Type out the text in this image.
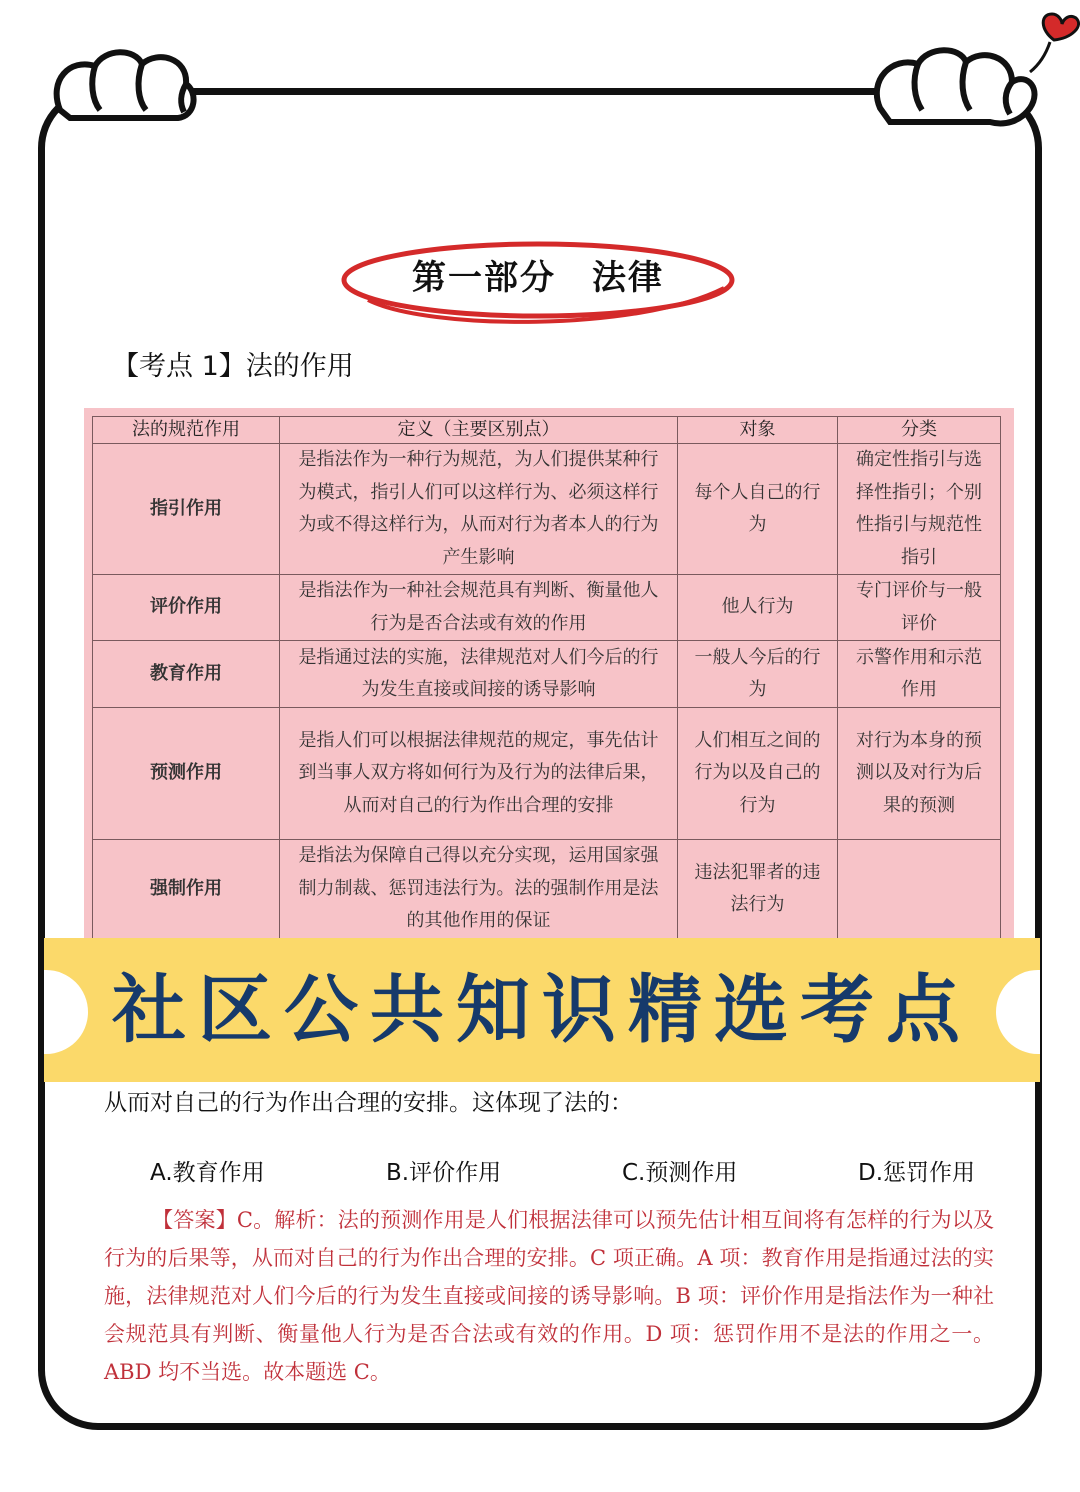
第一部分　法律
【考点 1】法的作用
法的规范作用	定义（主要区别点）	对象	分类
指引作用	是指法作为一种行为规范，为人们提供某种行为模式，指引人们可以这样行为、必须这样行为或不得这样行为，从而对行为者本人的行为产生影响	每个人自己的行为	确定性指引与选择性指引；个别性指引与规范性指引
评价作用	是指法作为一种社会规范具有判断、衡量他人行为是否合法或有效的作用	他人行为	专门评价与一般评价
教育作用	是指通过法的实施，法律规范对人们今后的行为发生直接或间接的诱导影响	一般人今后的行为	示警作用和示范作用
预测作用	是指人们可以根据法律规范的规定，事先估计到当事人双方将如何行为及行为的法律后果，从而对自己的行为作出合理的安排	人们相互之间的行为以及自己的行为	对行为本身的预测以及对行为后果的预测
强制作用	是指法为保障自己得以充分实现，运用国家强制力制裁、惩罚违法行为。法的强制作用是法的其他作用的保证	违法犯罪者的违法行为	
社区公共知识精选考点
从而对自己的行为作出合理的安排。这体现了法的：
A.教育作用	B.评价作用	C.预测作用	D.惩罚作用
【答案】C。解析：法的预测作用是人们根据法律可以预先估计相互间将有怎样的行为以及行为的后果等，从而对自己的行为作出合理的安排。C 项正确。A 项：教育作用是指通过法的实施，法律规范对人们今后的行为发生直接或间接的诱导影响。B 项：评价作用是指法作为一种社会规范具有判断、衡量他人行为是否合法或有效的作用。D 项：惩罚作用不是法的作用之一。ABD 均不当选。故本题选 C。
